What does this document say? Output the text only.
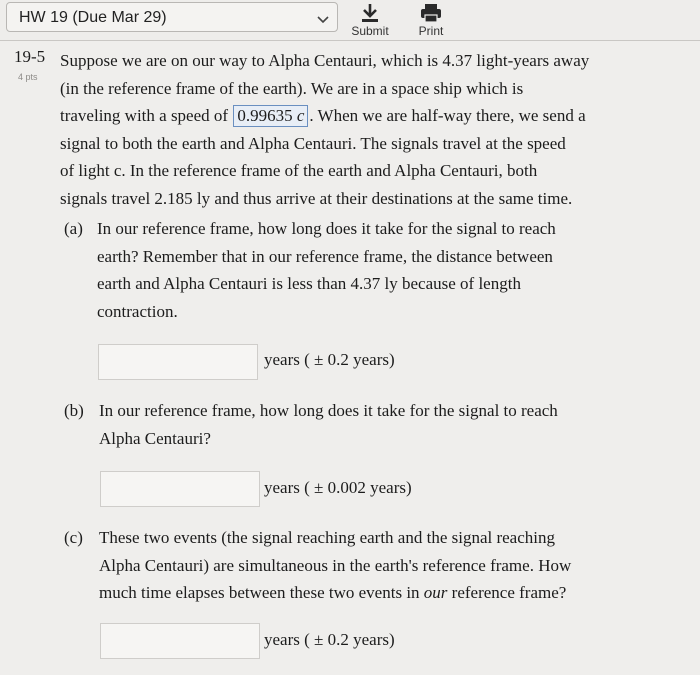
HW 19 (Due Mar 29)
Submit	Print
19-5
4 pts
Suppose we are on our way to Alpha Centauri, which is 4.37 light-years away
(in the reference frame of the earth). We are in a space ship which is
traveling with a speed of 0.99635 c . When we are half-way there, we send a
signal to both the earth and Alpha Centauri. The signals travel at the speed
of light c. In the reference frame of the earth and Alpha Centauri, both
signals travel 2.185 ly and thus arrive at their destinations at the same time.
(a) In our reference frame, how long does it take for the signal to reach
earth? Remember that in our reference frame, the distance between
earth and Alpha Centauri is less than 4.37 ly because of length
contraction.
years ( ± 0.2 years)
(b) In our reference frame, how long does it take for the signal to reach
Alpha Centauri?
years ( ± 0.002 years)
(c) These two events (the signal reaching earth and the signal reaching
Alpha Centauri) are simultaneous in the earth's reference frame. How
much time elapses between these two events in our reference frame?
years ( ± 0.2 years)
